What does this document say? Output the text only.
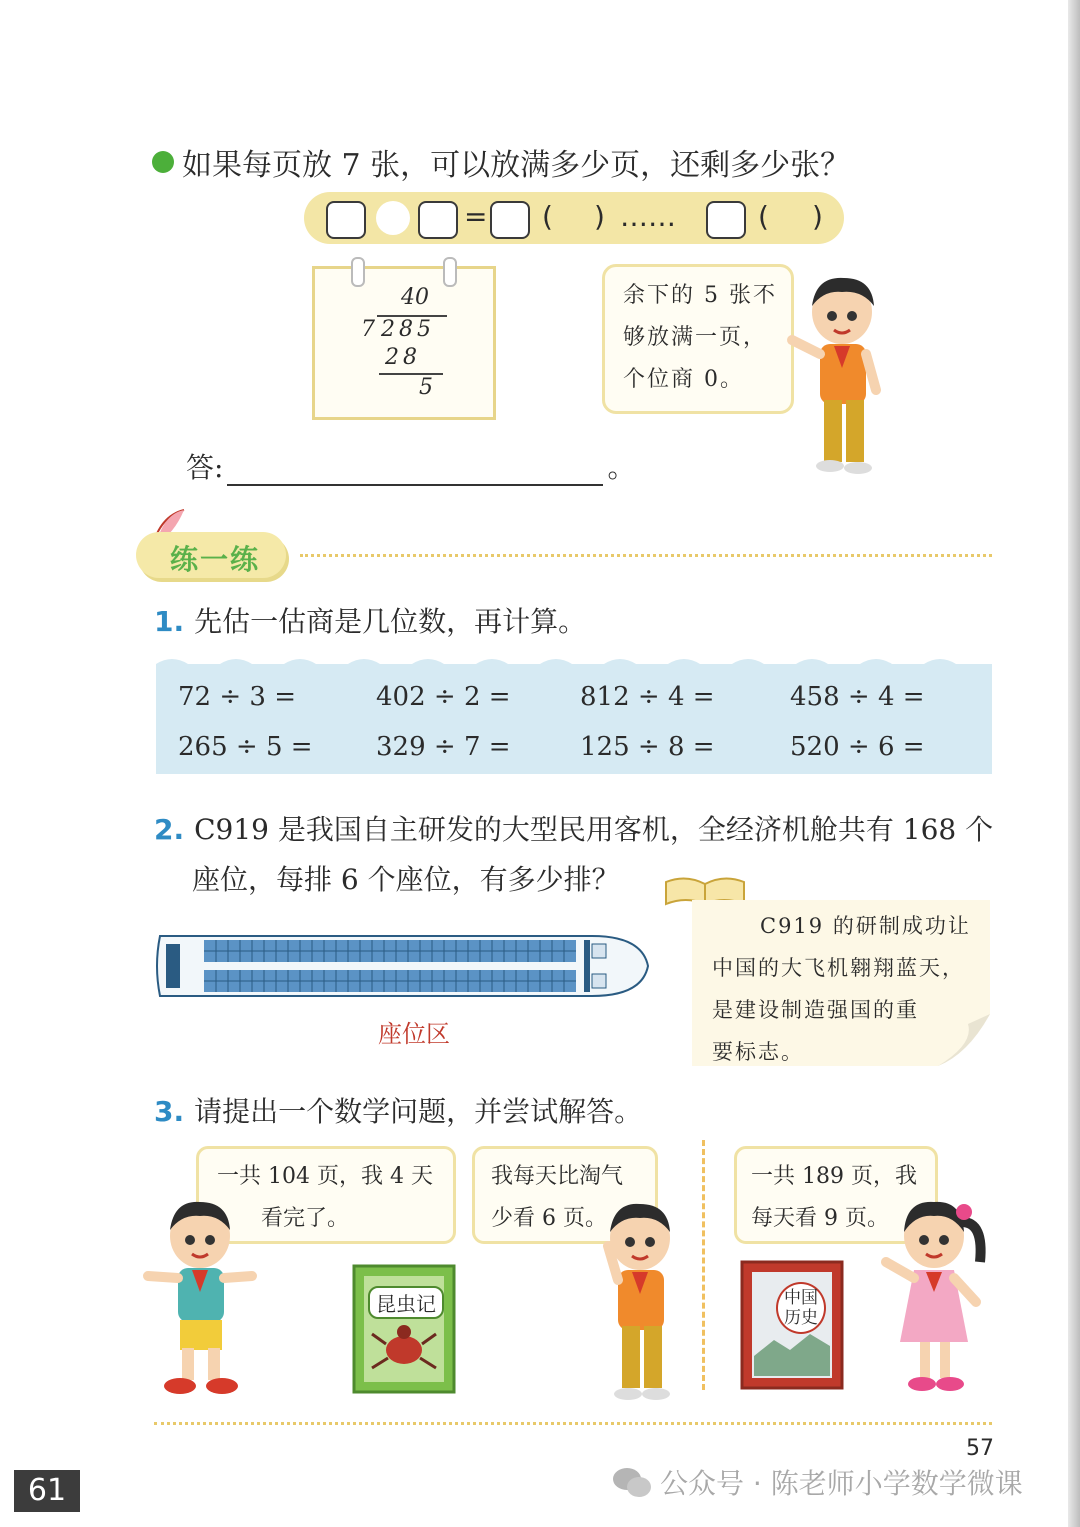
如果每页放 7 张，可以放满多少页，还剩多少张？
= ( ) ……	( )
40
7 285
28
5
余下的 5 张不
够放满一页，
个位商 0。
答:	。
练一练
1. 先估一估商是几位数，再计算。
72 ÷ 3 =	402 ÷ 2 =	812 ÷ 4 =	458 ÷ 4 =
265 ÷ 5 = 329 ÷ 7 =	125 ÷ 8 =	520 ÷ 6 =
2. C919 是我国自主研发的大型民用客机，全经济机舱共有 168 个
座位，每排 6 个座位，有多少排？
座位区
C919 的研制成功让
中国的大飞机翱翔蓝天，
是建设制造强国的重
要标志。
3. 请提出一个数学问题，并尝试解答。
一共 104 页，我 4 天
看完了。
我每天比淘气
少看 6 页。
一共 189 页，我
每天看 9 页。
昆虫记	中国
历史
57
61	公众号 · 陈老师小学数学微课
